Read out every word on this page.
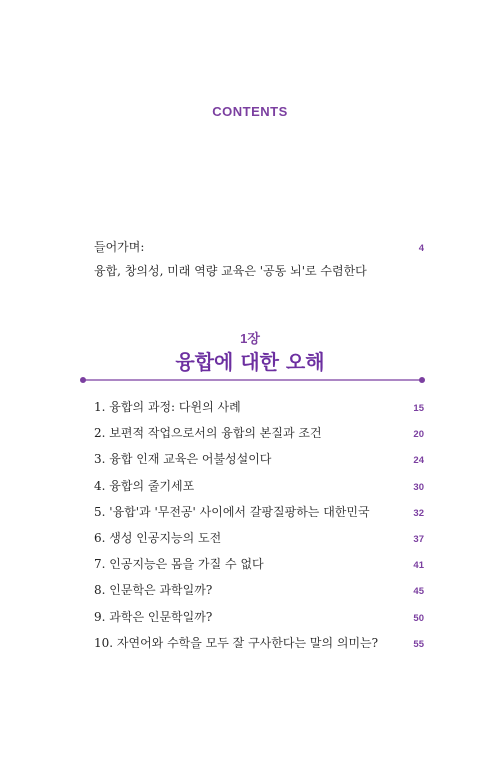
CONTENTS
들어가며:	4
융합, 창의성, 미래 역량 교육은 '공동 뇌'로 수렴한다
1장
융합에 대한 오해
1. 융합의 과정: 다윈의 사례	15
2. 보편적 작업으로서의 융합의 본질과 조건	20
3. 융합 인재 교육은 어불성설이다	24
4. 융합의 줄기세포	30
5. '융합'과 '무전공' 사이에서 갈팡질팡하는 대한민국	32
6. 생성 인공지능의 도전	37
7. 인공지능은 몸을 가질 수 없다	41
8. 인문학은 과학일까?	45
9. 과학은 인문학일까?	50
10. 자연어와 수학을 모두 잘 구사한다는 말의 의미는?	55
